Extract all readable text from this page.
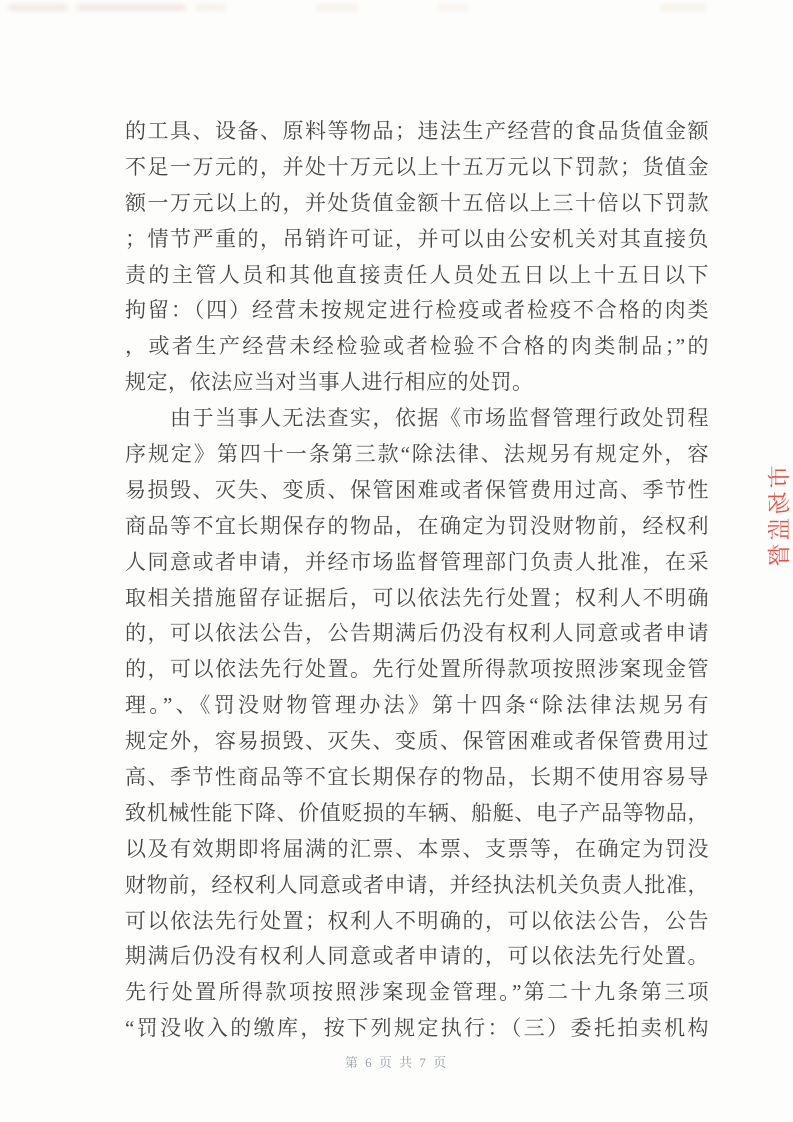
的工具、设备、原料等物品；违法生产经营的食品货值金额
不足一万元的，并处十万元以上十五万元以下罚款；货值金
额一万元以上的，并处货值金额十五倍以上三十倍以下罚款
；情节严重的，吊销许可证，并可以由公安机关对其直接负
责的主管人员和其他直接责任人员处五日以上十五日以下
拘留：（四）经营未按规定进行检疫或者检疫不合格的肉类
，或者生产经营未经检验或者检验不合格的肉类制品；”的
规定，依法应当对当事人进行相应的处罚。
　　由于当事人无法查实，依据《市场监督管理行政处罚程
序规定》第四十一条第三款“除法律、法规另有规定外，容
易损毁、灭失、变质、保管困难或者保管费用过高、季节性
商品等不宜长期保存的物品，在确定为罚没财物前，经权利
人同意或者申请，并经市场监督管理部门负责人批准，在采
取相关措施留存证据后，可以依法先行处置；权利人不明确
的，可以依法公告，公告期满后仍没有权利人同意或者申请
的，可以依法先行处置。先行处置所得款项按照涉案现金管
理。”、《罚没财物管理办法》第十四条“除法律法规另有
规定外，容易损毁、灭失、变质、保管困难或者保管费用过
高、季节性商品等不宜长期保存的物品，长期不使用容易导
致机械性能下降、价值贬损的车辆、船艇、电子产品等物品，
以及有效期即将届满的汇票、本票、支票等，在确定为罚没
财物前，经权利人同意或者申请，并经执法机关负责人批准，
可以依法先行处置；权利人不明确的，可以依法公告，公告
期满后仍没有权利人同意或者申请的，可以依法先行处置。
先行处置所得款项按照涉案现金管理。”第二十九条第三项
“罚没收入的缴库，按下列规定执行：（三）委托拍卖机构
市
场
监
督
第 6 页 共 7 页
